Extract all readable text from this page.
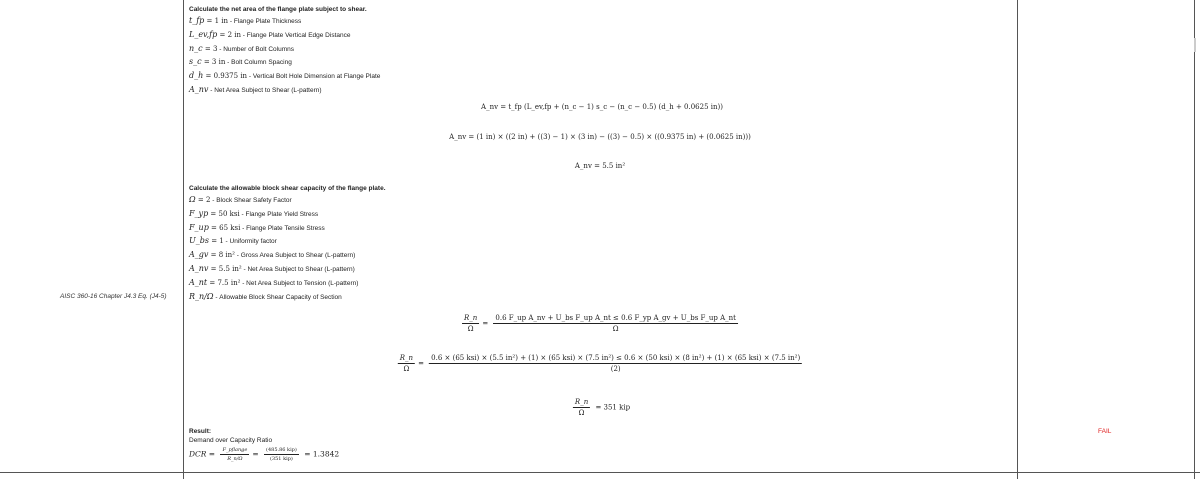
AISC 360-16 Chapter J4.3 Eq. (J4-5)
Calculate the net area of the flange plate subject to shear.
t_fp = 1 in - Flange Plate Thickness
L_ev,fp = 2 in - Flange Plate Vertical Edge Distance
n_c = 3 - Number of Bolt Columns
s_c = 3 in - Bolt Column Spacing
d_h = 0.9375 in - Vertical Bolt Hole Dimension at Flange Plate
A_nv - Net Area Subject to Shear (L-pattern)
A_nv = t_fp (L_ev,fp + (n_c − 1) s_c − (n_c − 0.5) (d_h + 0.0625 in))
A_nv = (1 in) × ((2 in) + ((3) − 1) × (3 in) − ((3) − 0.5) × ((0.9375 in) + (0.0625 in)))
A_nv = 5.5 in²
Calculate the allowable block shear capacity of the flange plate.
Ω = 2 - Block Shear Safety Factor
F_yp = 50 ksi - Flange Plate Yield Stress
F_up = 65 ksi - Flange Plate Tensile Stress
U_bs = 1 - Uniformity factor
A_gv = 8 in² - Gross Area Subject to Shear (L-pattern)
A_nv = 5.5 in² - Net Area Subject to Shear (L-pattern)
A_nt = 7.5 in² - Net Area Subject to Tension (L-pattern)
R_n/Ω - Allowable Block Shear Capacity of Section
$\frac{R\_n}{\Omega}$ =
0.6 F_up A_nv + U_bs F_up A_nt ≤ 0.6 F_yp A_gv + U_bs F_up A_nt
Ω
$\frac{R\_n}{\Omega}$ =
0.6 × (65 ksi) × (5.5 in²) + (1) × (65 ksi) × (7.5 in²) ≤ 0.6 × (50 ksi) × (8 in²) + (1) × (65 ksi) × (7.5 in²)
(2)
$\frac{R\_n}{\Omega} = 351$ kip
Result:
Demand over Capacity Ratio
DCR = $\frac{\text{F\_pflange}}{R\_n/\Omega} = \frac{\text{(485.86 kip)}}{\text{(351 kip)}} = 1.3842$
FAIL
